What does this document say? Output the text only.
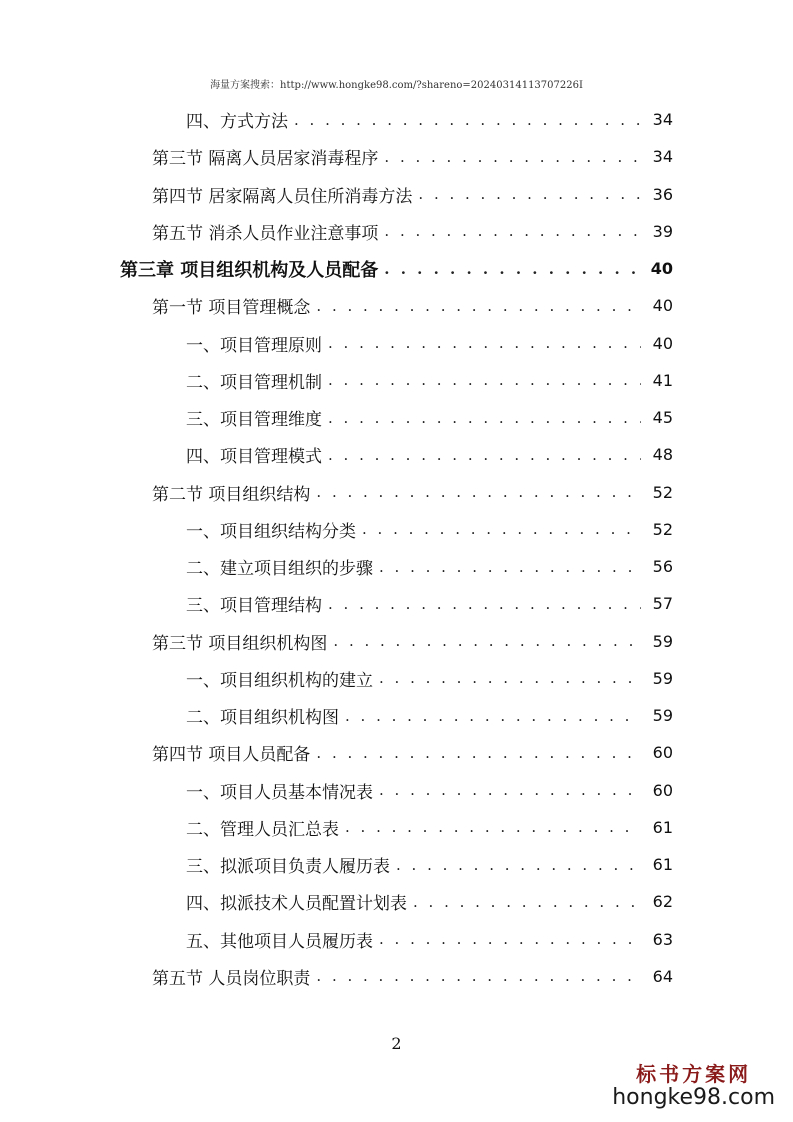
海量方案搜索：http://www.hongke98.com/?shareno=20240314113707226I
四、方式方法 . . .	34
第三节 隔离人员居家消毒程序 . . .	34
第四节 居家隔离人员住所消毒方法 . . .	36
第五节 消杀人员作业注意事项 . . .	39
第三章 项目组织机构及人员配备 . . .	40
第一节 项目管理概念 . . .	40
一、项目管理原则 . . .	40
二、项目管理机制 . . .	41
三、项目管理维度 . . .	45
四、项目管理模式 . . .	48
第二节 项目组织结构 . . .	52
一、项目组织结构分类 . . .	52
二、建立项目组织的步骤 . . .	56
三、项目管理结构 . . .	57
第三节 项目组织机构图 . . .	59
一、项目组织机构的建立 . . .	59
二、项目组织机构图 . . .	59
第四节 项目人员配备 . . .	60
一、项目人员基本情况表 . . .	60
二、管理人员汇总表 . . .	61
三、拟派项目负责人履历表 . . .	61
四、拟派技术人员配置计划表 . . .	62
五、其他项目人员履历表 . . .	63
第五节 人员岗位职责 . . .	64
2
标书方案网
hongke98.com
